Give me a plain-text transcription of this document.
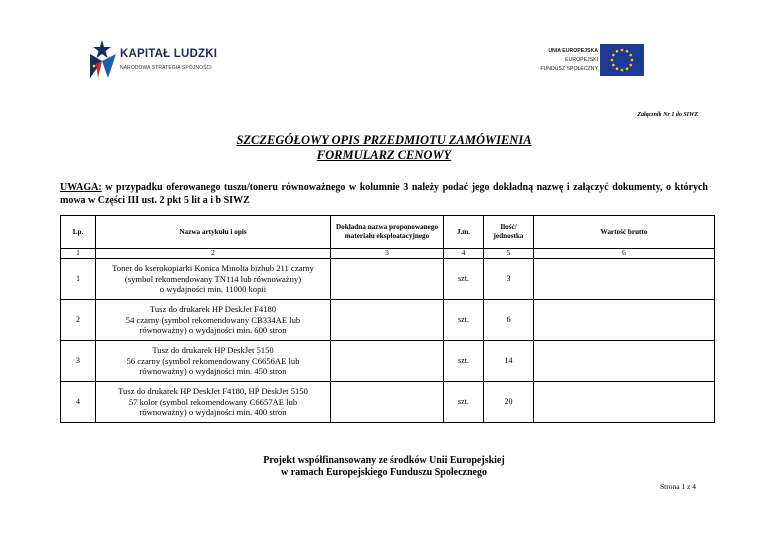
KAPITAŁ LUDZKI
NARODOWA STRATEGIA SPÓJNOŚCI
UNIA EUROPEJSKA
EUROPEJSKI
FUNDUSZ SPOŁECZNY
Załącznik Nr 1 do SIWZ
SZCZEGÓŁOWY OPIS PRZEDMIOTU ZAMÓWIENIA
FORMULARZ CENOWY
UWAGA: w przypadku oferowanego tuszu/toneru równoważnego w kolumnie 3 należy podać jego dokładną nazwę i załączyć dokumenty, o których mowa w Części III ust. 2 pkt 5 lit a i b SIWZ
Lp.	Nazwa artykułu i opis	Dokładna nazwa proponowanego materiału eksploatacyjnego	J.m.	Ilość/ jednostka	Wartość brutto
1	2	3	4	5	6
1	Toner do kserokopiarki Konica Minolta bizhub 211 czarny
(symbol rekomendowany TN114 lub równoważny)
o wydajności min. 11000 kopii		szt.	3	
2	Tusz do drukarek HP DeskJet F4180
54 czarny (symbol rekomendowany CB334AE lub
równoważny) o wydajności min. 600 stron		szt.	6	
3	Tusz do drukarek HP DeskJet 5150
56 czarny (symbol rekomendowany C6656AE lub
równoważny) o wydajności min. 450 stron		szt.	14	
4	Tusz do drukarek HP DeskJet F4180, HP DeskJet 5150
57 kolor (symbol rekomendowany C6657AE lub
równoważny) o wydajności min. 400 stron		szt.	20	
Projekt współfinansowany ze środków Unii Europejskiej
w ramach Europejskiego Funduszu Społecznego
Strona 1 z 4
